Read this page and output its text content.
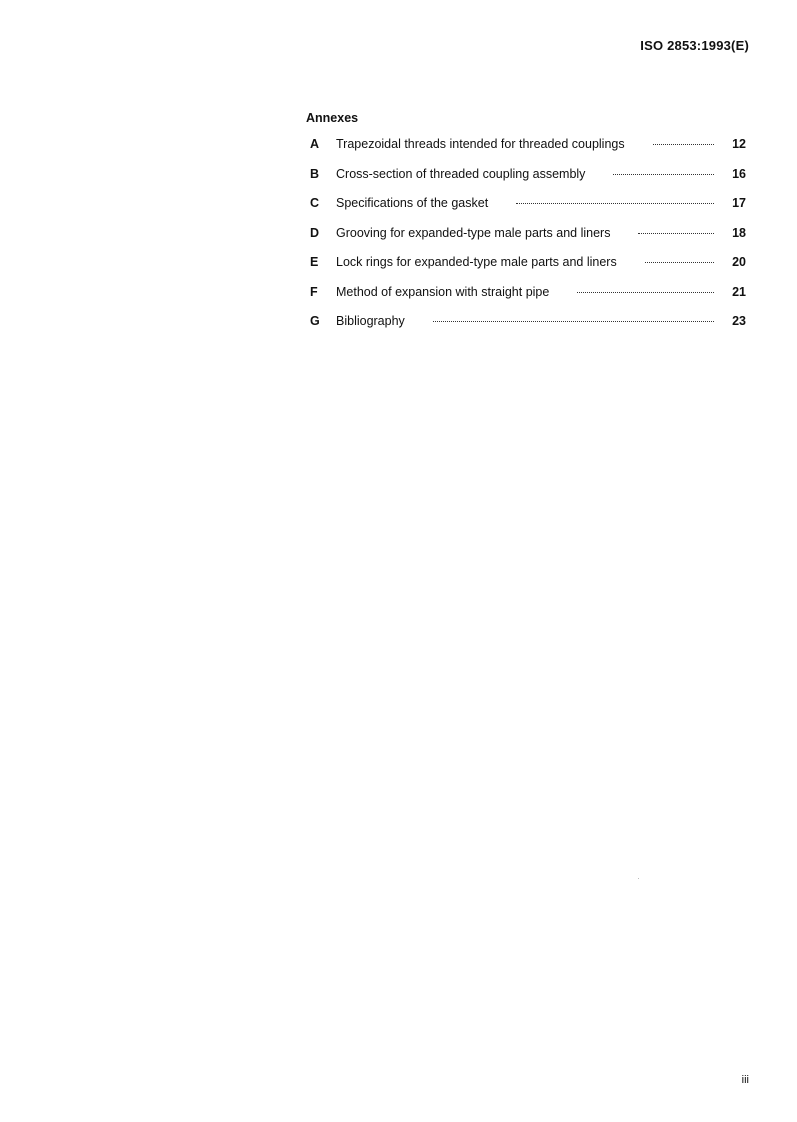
ISO 2853:1993(E)
Annexes
A	Trapezoidal threads intended for threaded couplings	12
B	Cross-section of threaded coupling assembly	16
C	Specifications of the gasket	17
D	Grooving for expanded-type male parts and liners	18
E	Lock rings for expanded-type male parts and liners	20
F	Method of expansion with straight pipe	21
G	Bibliography	23
iii
